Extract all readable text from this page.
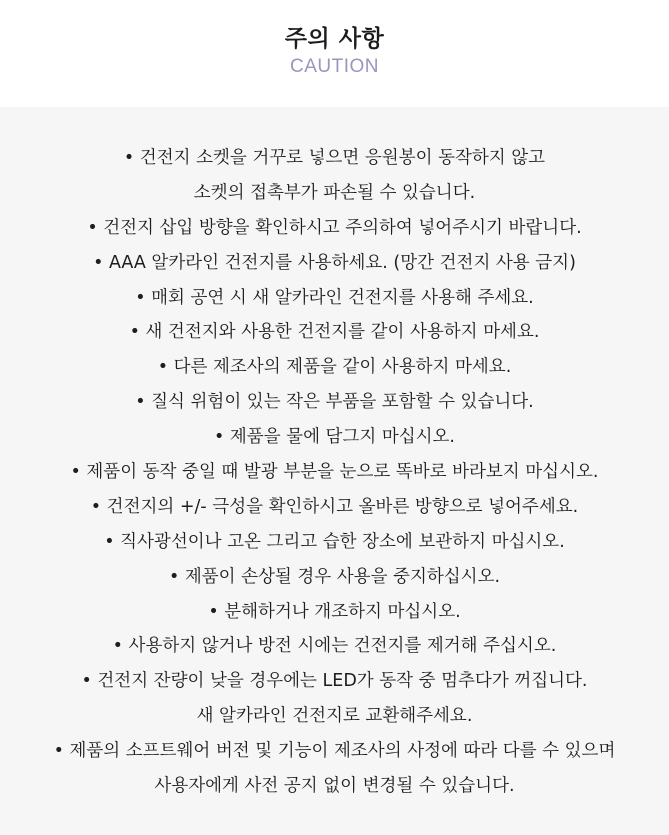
주의 사항
CAUTION
• 건전지 소켓을 거꾸로 넣으면 응원봉이 동작하지 않고
소켓의 접촉부가 파손될 수 있습니다.
• 건전지 삽입 방향을 확인하시고 주의하여 넣어주시기 바랍니다.
• AAA 알카라인 건전지를 사용하세요. (망간 건전지 사용 금지)
• 매회 공연 시 새 알카라인 건전지를 사용해 주세요.
• 새 건전지와 사용한 건전지를 같이 사용하지 마세요.
• 다른 제조사의 제품을 같이 사용하지 마세요.
• 질식 위험이 있는 작은 부품을 포함할 수 있습니다.
• 제품을 물에 담그지 마십시오.
• 제품이 동작 중일 때 발광 부분을 눈으로 똑바로 바라보지 마십시오.
• 건전지의 +/- 극성을 확인하시고 올바른 방향으로 넣어주세요.
• 직사광선이나 고온 그리고 습한 장소에 보관하지 마십시오.
• 제품이 손상될 경우 사용을 중지하십시오.
• 분해하거나 개조하지 마십시오.
• 사용하지 않거나 방전 시에는 건전지를 제거해 주십시오.
• 건전지 잔량이 낮을 경우에는 LED가 동작 중 멈추다가 꺼집니다.
새 알카라인 건전지로 교환해주세요.
• 제품의 소프트웨어 버전 및 기능이 제조사의 사정에 따라 다를 수 있으며
사용자에게 사전 공지 없이 변경될 수 있습니다.
